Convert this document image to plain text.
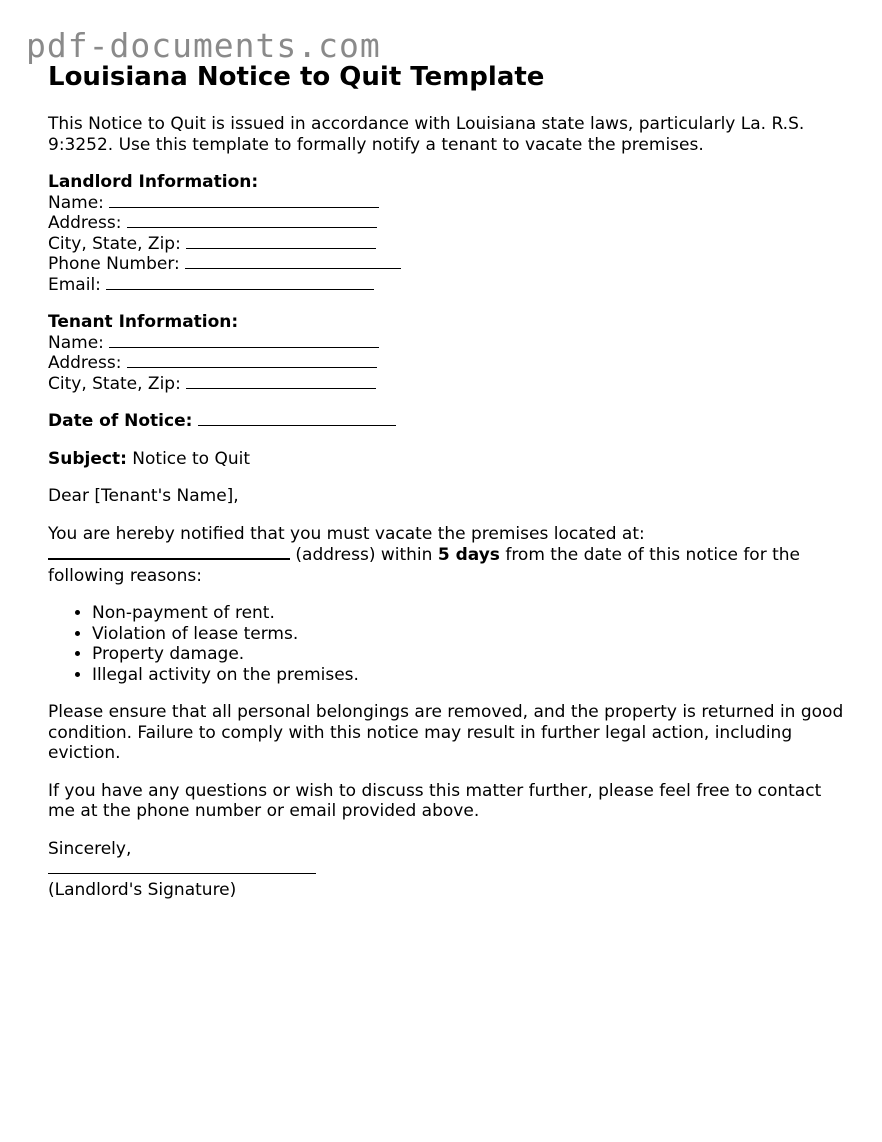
pdf-documents.com
Louisiana Notice to Quit Template

This Notice to Quit is issued in accordance with Louisiana state laws, particularly La. R.S. 9:3252. Use this template to formally notify a tenant to vacate the premises.

Landlord Information:
Name:
Address:
City, State, Zip:
Phone Number:
Email:
Tenant Information:
Name:
Address:
City, State, Zip:
Date of Notice:
Subject: Notice to Quit

Dear [Tenant's Name],

You are hereby notified that you must vacate the premises located at:
(address) within 5 days from the date of this notice for the following reasons:
• Non-payment of rent.
• Violation of lease terms.
• Property damage.
• Illegal activity on the premises.

Please ensure that all personal belongings are removed, and the property is returned in good condition. Failure to comply with this notice may result in further legal action, including eviction.

If you have any questions or wish to discuss this matter further, please feel free to contact me at the phone number or email provided above.

Sincerely,
(Landlord's Signature)
